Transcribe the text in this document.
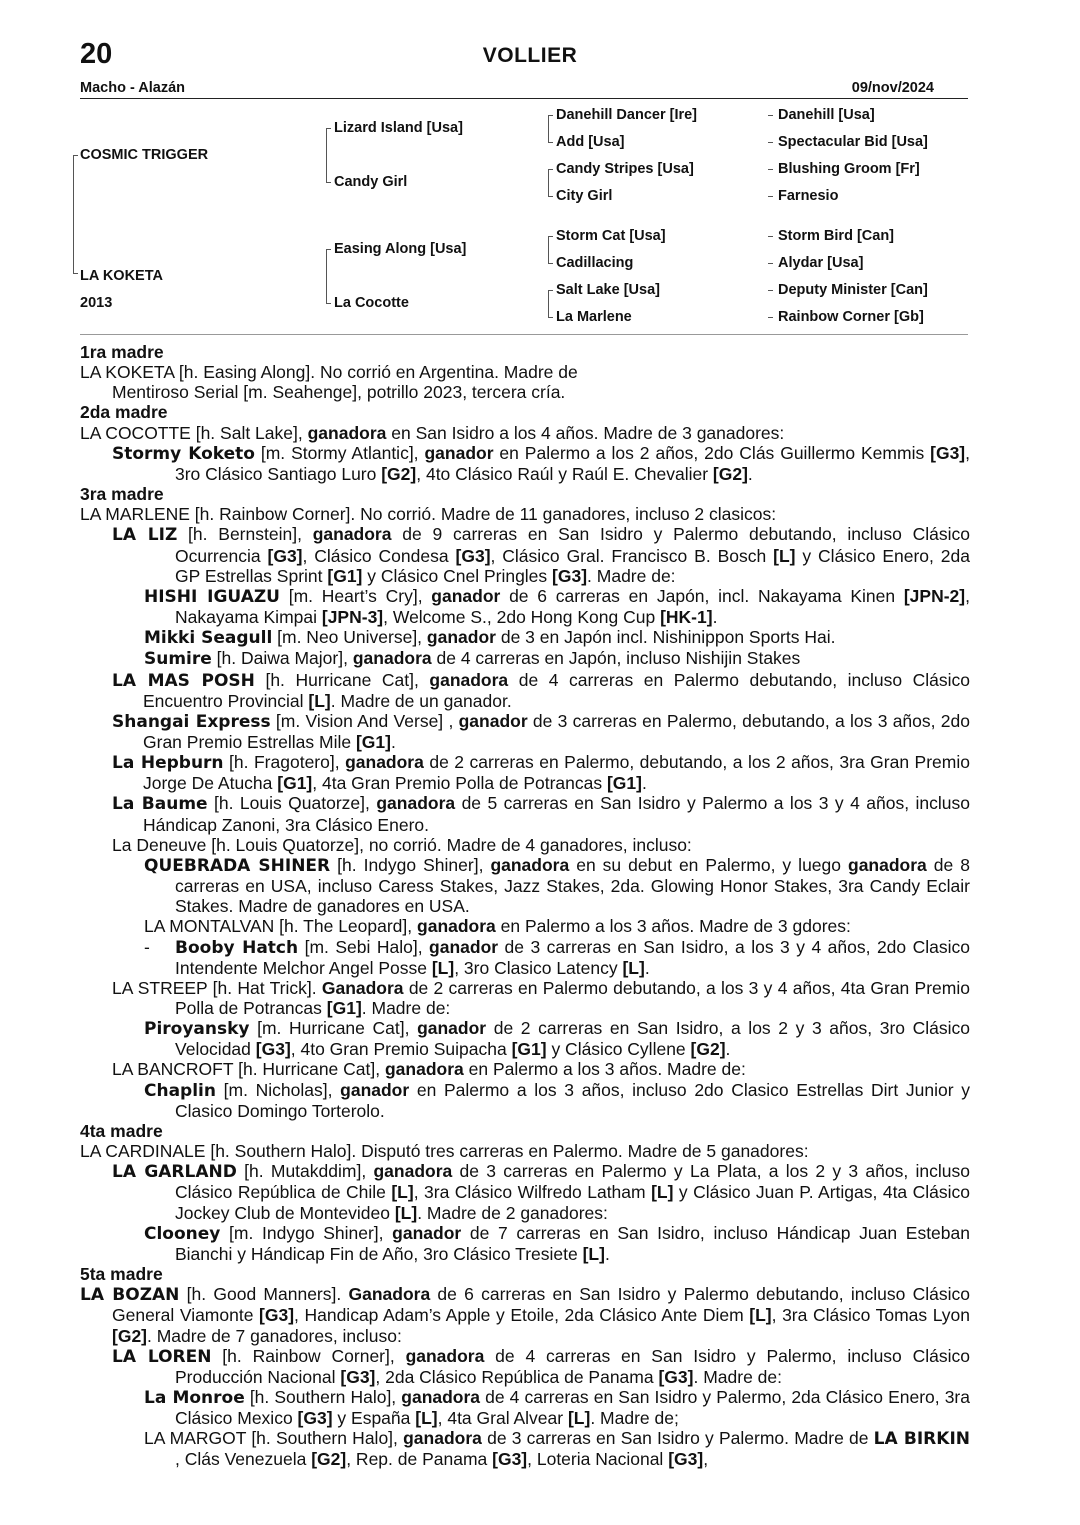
20	VOLLIER
Macho - Alazán	09/nov/2024
COSMIC TRIGGER
LA KOKETA
2013
Lizard Island [Usa]
Candy Girl
Easing Along [Usa]
La Cocotte
Danehill Dancer [Ire]
Add [Usa]
Candy Stripes [Usa]
City Girl
Storm Cat [Usa]
Cadillacing
Salt Lake [Usa]
La Marlene
Danehill [Usa]
Spectacular Bid [Usa]
Blushing Groom [Fr]
Farnesio
Storm Bird [Can]
Alydar [Usa]
Deputy Minister [Can]
Rainbow Corner [Gb]
1ra madre
LA KOKETA [h. Easing Along]. No corrió en Argentina. Madre de
Mentiroso Serial [m. Seahenge], potrillo 2023, tercera cría.
2da madre
LA COCOTTE [h. Salt Lake], ganadora en San Isidro a los 4 años. Madre de 3 ganadores:
Stormy Koketo [m. Stormy Atlantic], ganador en Palermo a los 2 años, 2do Clás Guillermo Kemmis [G3], 3ro Clásico Santiago Luro [G2], 4to Clásico Raúl y Raúl E. Chevalier [G2].
3ra madre
LA MARLENE [h. Rainbow Corner]. No corrió. Madre de 11 ganadores, incluso 2 clasicos:
LA LIZ [h. Bernstein], ganadora de 9 carreras en San Isidro y Palermo debutando, incluso Clásico Ocurrencia [G3], Clásico Condesa [G3], Clásico Gral. Francisco B. Bosch [L] y Clásico Enero, 2da GP Estrellas Sprint [G1] y Clásico Cnel Pringles [G3]. Madre de:
HISHI IGUAZU [m. Heart’s Cry], ganador de 6 carreras en Japón, incl. Nakayama Kinen [JPN-2], Nakayama Kimpai [JPN-3], Welcome S., 2do Hong Kong Cup [HK-1].
Mikki Seagull [m. Neo Universe], ganador de 3 en Japón incl. Nishinippon Sports Hai.
Sumire [h. Daiwa Major], ganadora de 4 carreras en Japón, incluso Nishijin Stakes
LA MAS POSH [h. Hurricane Cat], ganadora de 4 carreras en Palermo debutando, incluso Clásico Encuentro Provincial [L]. Madre de un ganador.
Shangai Express [m. Vision And Verse] , ganador de 3 carreras en Palermo, debutando, a los 3 años, 2do Gran Premio Estrellas Mile [G1].
La Hepburn [h. Fragotero], ganadora de 2 carreras en Palermo, debutando, a los 2 años, 3ra Gran Premio Jorge De Atucha [G1], 4ta Gran Premio Polla de Potrancas [G1].
La Baume [h. Louis Quatorze], ganadora de 5 carreras en San Isidro y Palermo a los 3 y 4 años, incluso Hándicap Zanoni, 3ra Clásico Enero.
La Deneuve [h. Louis Quatorze], no corrió. Madre de 4 ganadores, incluso:
QUEBRADA SHINER [h. Indygo Shiner], ganadora en su debut en Palermo, y luego ganadora de 8 carreras en USA, incluso Caress Stakes, Jazz Stakes, 2da. Glowing Honor Stakes, 3ra Candy Eclair Stakes. Madre de ganadores en USA.
LA MONTALVAN [h. The Leopard], ganadora en Palermo a los 3 años. Madre de 3 gdores:
- Booby Hatch [m. Sebi Halo], ganador de 3 carreras en San Isidro, a los 3 y 4 años, 2do Clasico Intendente Melchor Angel Posse [L], 3ro Clasico Latency [L].
LA STREEP [h. Hat Trick]. Ganadora de 2 carreras en Palermo debutando, a los 3 y 4 años, 4ta Gran Premio Polla de Potrancas [G1]. Madre de:
Piroyansky [m. Hurricane Cat], ganador de 2 carreras en San Isidro, a los 2 y 3 años, 3ro Clásico Velocidad [G3], 4to Gran Premio Suipacha [G1] y Clásico Cyllene [G2].
LA BANCROFT [h. Hurricane Cat], ganadora en Palermo a los 3 años. Madre de:
Chaplin [m. Nicholas], ganador en Palermo a los 3 años, incluso 2do Clasico Estrellas Dirt Junior y Clasico Domingo Torterolo.
4ta madre
LA CARDINALE [h. Southern Halo]. Disputó tres carreras en Palermo. Madre de 5 ganadores:
LA GARLAND [h. Mutakddim], ganadora de 3 carreras en Palermo y La Plata, a los 2 y 3 años, incluso Clásico República de Chile [L], 3ra Clásico Wilfredo Latham [L] y Clásico Juan P. Artigas, 4ta Clásico Jockey Club de Montevideo [L]. Madre de 2 ganadores:
Clooney [m. Indygo Shiner], ganador de 7 carreras en San Isidro, incluso Hándicap Juan Esteban Bianchi y Hándicap Fin de Año, 3ro Clásico Tresiete [L].
5ta madre
LA BOZAN [h. Good Manners]. Ganadora de 6 carreras en San Isidro y Palermo debutando, incluso Clásico General Viamonte [G3], Handicap Adam’s Apple y Etoile, 2da Clásico Ante Diem [L], 3ra Clásico Tomas Lyon [G2]. Madre de 7 ganadores, incluso:
LA LOREN [h. Rainbow Corner], ganadora de 4 carreras en San Isidro y Palermo, incluso Clásico Producción Nacional [G3], 2da Clásico República de Panama [G3]. Madre de:
La Monroe [h. Southern Halo], ganadora de 4 carreras en San Isidro y Palermo, 2da Clásico Enero, 3ra Clásico Mexico [G3] y España [L], 4ta Gral Alvear [L]. Madre de;
LA MARGOT [h. Southern Halo], ganadora de 3 carreras en San Isidro y Palermo. Madre de LA BIRKIN , Clás Venezuela [G2], Rep. de Panama [G3], Loteria Nacional [G3],
